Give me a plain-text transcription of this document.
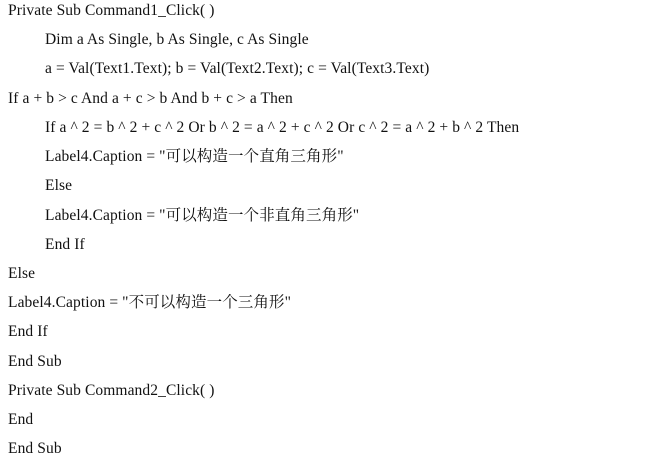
Private Sub Command1_Click( )
Dim a As Single, b As Single, c As Single
a = Val(Text1.Text); b = Val(Text2.Text); c = Val(Text3.Text)
If a + b > c And a + c > b And b + c > a Then
If a ^ 2 = b ^ 2 + c ^ 2 Or b ^ 2 = a ^ 2 + c ^ 2 Or c ^ 2 = a ^ 2 + b ^ 2 Then
Label4.Caption = "可以构造一个直角三角形"
Else
Label4.Caption = "可以构造一个非直角三角形"
End If
Else
Label4.Caption = "不可以构造一个三角形"
End If
End Sub
Private Sub Command2_Click( )
End
End Sub
